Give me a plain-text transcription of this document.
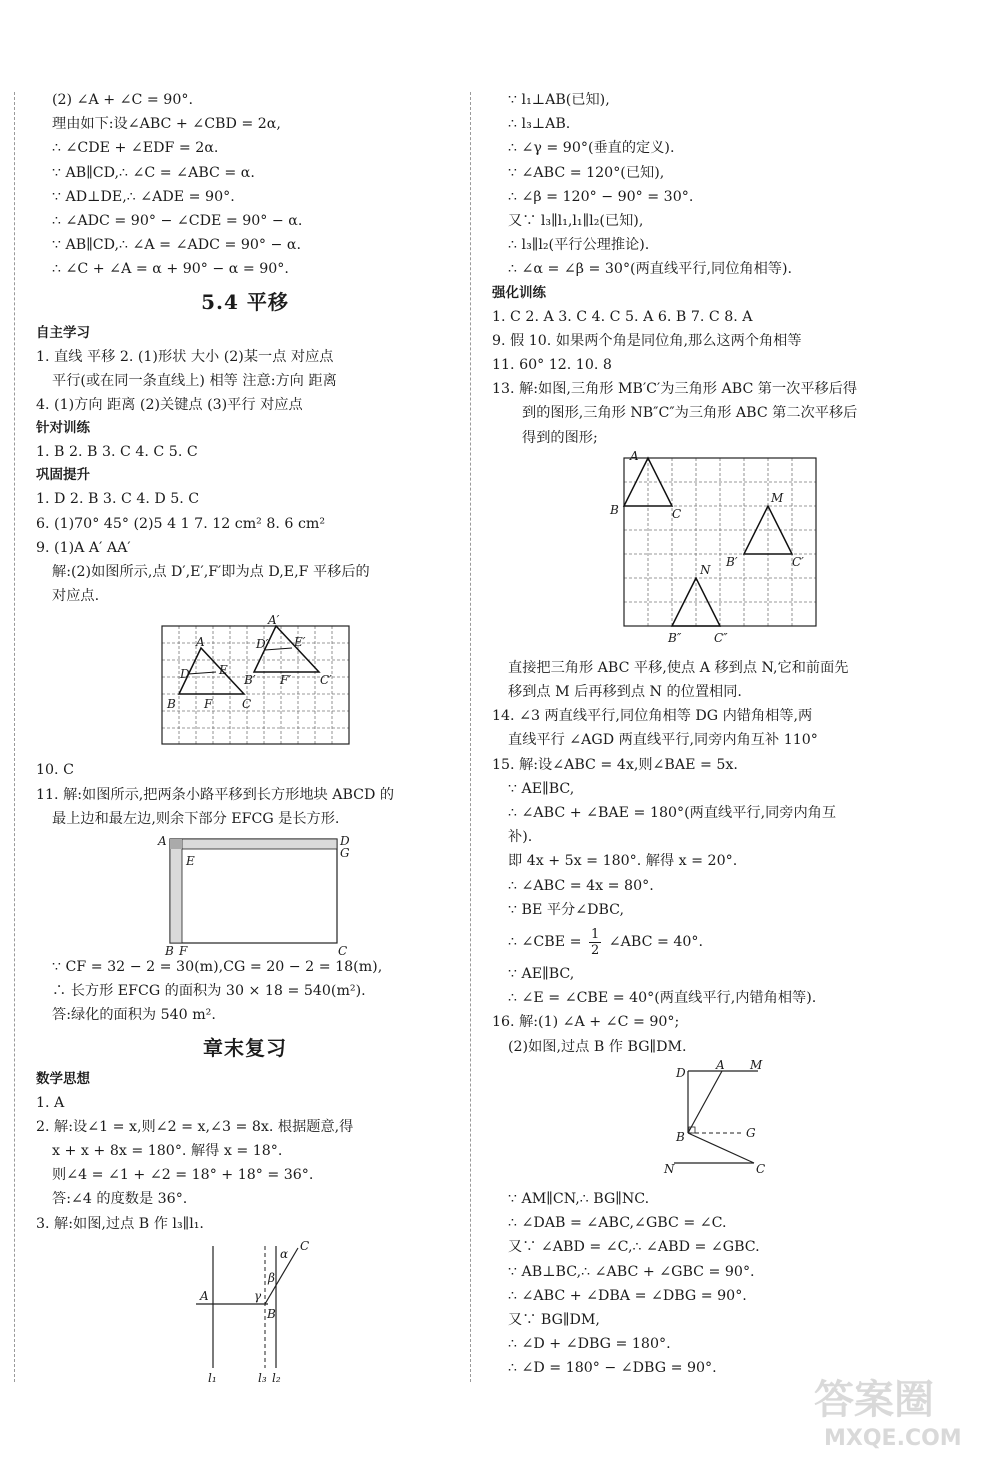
(2) ∠A + ∠C = 90°.
理由如下:设∠ABC + ∠CBD = 2α,
∴ ∠CDE + ∠EDF = 2α.
∵ AB∥CD,∴ ∠C = ∠ABC = α.
∵ AD⊥DE,∴ ∠ADE = 90°.
∴ ∠ADC = 90° − ∠CDE = 90° − α.
∵ AB∥CD,∴ ∠A = ∠ADC = 90° − α.
∴ ∠C + ∠A = α + 90° − α = 90°.
5.4 平移
自主学习
1. 直线 平移 2. (1)形状 大小 (2)某一点 对应点
平行(或在同一条直线上) 相等 注意:方向 距离
4. (1)方向 距离 (2)关键点 (3)平行 对应点
针对训练
1. B 2. B 3. C 4. C 5. C
巩固提升
1. D 2. B 3. C 4. D 5. C
6. (1)70° 45° (2)5 4 1 7. 12 cm² 8. 6 cm²
9. (1)A A′ AA′
解:(2)如图所示,点 D′,E′,F′即为点 D,E,F 平移后的
对应点.
A
D E
B F C
A′
D′ E′
B′ F′ C′
10. C
11. 解:如图所示,把两条小路平移到长方形地块 ABCD 的
最上边和最左边,则余下部分 EFCG 是长方形.
A	D
G
E
B F	C
∵ CF = 32 − 2 = 30(m),CG = 20 − 2 = 18(m),
∴ 长方形 EFCG 的面积为 30 × 18 = 540(m²).
答:绿化的面积为 540 m².
章末复习
数学思想
1. A
2. 解:设∠1 = x,则∠2 = x,∠3 = 8x. 根据题意,得
x + x + 8x = 180°. 解得 x = 18°.
则∠4 = ∠1 + ∠2 = 18° + 18° = 36°.
答:∠4 的度数是 36°.
3. 解:如图,过点 B 作 l₃∥l₁.
α
β
γ
C
A
B
l₁	l₃ l₂
∵ l₁⊥AB(已知),
∴ l₃⊥AB.
∴ ∠γ = 90°(垂直的定义).
∵ ∠ABC = 120°(已知),
∴ ∠β = 120° − 90° = 30°.
又∵ l₃∥l₁,l₁∥l₂(已知),
∴ l₃∥l₂(平行公理推论).
∴ ∠α = ∠β = 30°(两直线平行,同位角相等).
强化训练
1. C 2. A 3. C 4. C 5. A 6. B 7. C 8. A
9. 假 10. 如果两个角是同位角,那么这两个角相等
11. 60° 12. 10. 8
13. 解:如图,三角形 MB′C′为三角形 ABC 第一次平移后得
到的图形,三角形 NB″C″为三角形 ABC 第二次平移后
得到的图形;
A
B	C
M
B′	C′
N
B″	C″
直接把三角形 ABC 平移,使点 A 移到点 N,它和前面先
移到点 M 后再移到点 N 的位置相同.
14. ∠3 两直线平行,同位角相等 DG 内错角相等,两
直线平行 ∠AGD 两直线平行,同旁内角互补 110°
15. 解:设∠ABC = 4x,则∠BAE = 5x.
∵ AE∥BC,
∴ ∠ABC + ∠BAE = 180°(两直线平行,同旁内角互
补).
即 4x + 5x = 180°. 解得 x = 20°.
∴ ∠ABC = 4x = 80°.
∵ BE 平分∠DBC,
∴ ∠CBE = $\frac{1}{2}$ ∠ABC = 40°.
∵ AE∥BC,
∴ ∠E = ∠CBE = 40°(两直线平行,内错角相等).
16. 解:(1) ∠A + ∠C = 90°;
(2)如图,过点 B 作 BG∥DM.
D
A M
B	G
N	C
∵ AM∥CN,∴ BG∥NC.
∴ ∠DAB = ∠ABC,∠GBC = ∠C.
又∵ ∠ABD = ∠C,∴ ∠ABD = ∠GBC.
∵ AB⊥BC,∴ ∠ABC + ∠GBC = 90°.
∴ ∠ABC + ∠DBA = ∠DBG = 90°.
又∵ BG∥DM,
∴ ∠D + ∠DBG = 180°.
∴ ∠D = 180° − ∠DBG = 90°.
答案圈
MXQE.COM
